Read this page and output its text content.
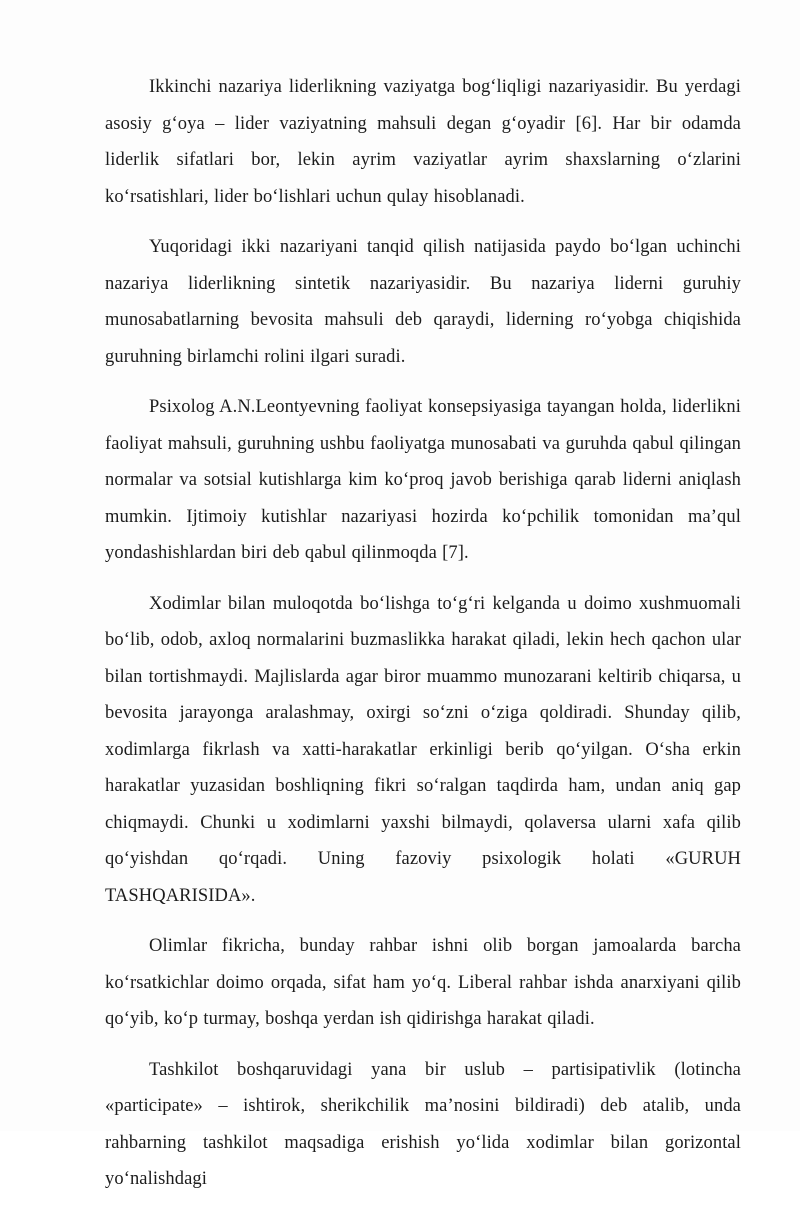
Ikkinchi nazariya liderlikning vaziyatga bog‘liqligi nazariyasidir. Bu yerdagi asosiy g‘oya – lider vaziyatning mahsuli degan g‘oyadir [6]. Har bir odamda liderlik sifatlari bor, lekin ayrim vaziyatlar ayrim shaxslarning o‘zlarini ko‘rsatishlari, lider bo‘lishlari uchun qulay hisoblanadi.

Yuqoridagi ikki nazariyani tanqid qilish natijasida paydo bo‘lgan uchinchi nazariya liderlikning sintetik nazariyasidir. Bu nazariya liderni guruhiy munosabatlarning bevosita mahsuli deb qaraydi, liderning ro‘yobga chiqishida guruhning birlamchi rolini ilgari suradi.

Psixolog A.N.Leontyevning faoliyat konsepsiyasiga tayangan holda, liderlikni faoliyat mahsuli, guruhning ushbu faoliyatga munosabati va guruhda qabul qilingan normalar va sotsial kutishlarga kim ko‘proq javob berishiga qarab liderni aniqlash mumkin. Ijtimoiy kutishlar nazariyasi hozirda ko‘pchilik tomonidan ma’qul yondashishlardan biri deb qabul qilinmoqda [7].

Xodimlar bilan muloqotda bo‘lishga to‘g‘ri kelganda u doimo xushmuomali bo‘lib, odob, axloq normalarini buzmaslikka harakat qiladi, lekin hech qachon ular bilan tortishmaydi. Majlislarda agar biror muammo munozarani keltirib chiqarsa, u bevosita jarayonga aralashmay, oxirgi so‘zni o‘ziga qoldiradi. Shunday qilib, xodimlarga fikrlash va xatti-harakatlar erkinligi berib qo‘yilgan. O‘sha erkin harakatlar yuzasidan boshliqning fikri so‘ralgan taqdirda ham, undan aniq gap chiqmaydi. Chunki u xodimlarni yaxshi bilmaydi, qolaversa ularni xafa qilib qo‘yishdan qo‘rqadi. Uning fazoviy psixologik holati «GURUH TASHQARISIDA».

Olimlar fikricha, bunday rahbar ishni olib borgan jamoalarda barcha ko‘rsatkichlar doimo orqada, sifat ham yo‘q. Liberal rahbar ishda anarxiyani qilib qo‘yib, ko‘p turmay, boshqa yerdan ish qidirishga harakat qiladi.

Tashkilot boshqaruvidagi yana bir uslub – partisipativlik (lotincha «participate» – ishtirok, sherikchilik ma’nosini bildiradi) deb atalib, unda rahbarning tashkilot maqsadiga erishish yo‘lida xodimlar bilan gorizontal yo‘nalishdagi
